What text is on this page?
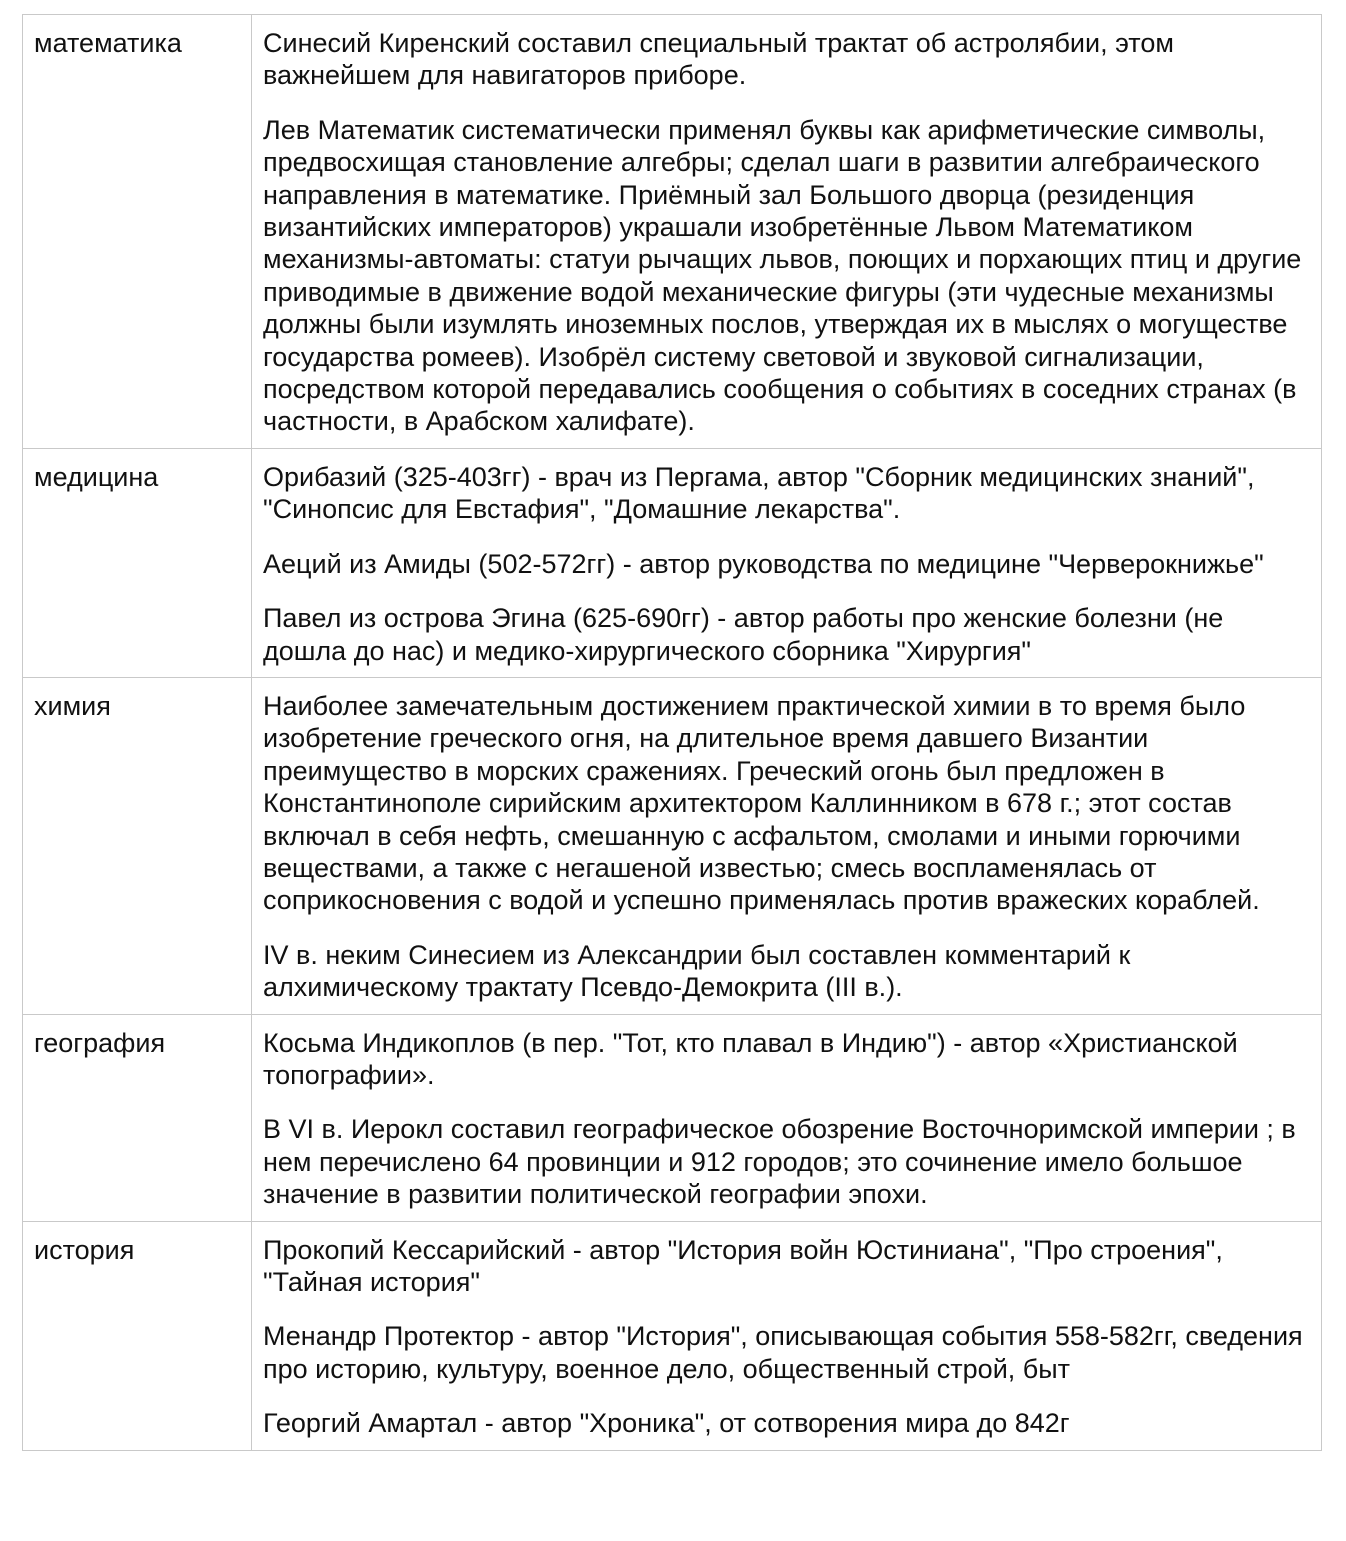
математика	Синесий Киренский составил специальный трактат об астролябии, этом важнейшем для навигаторов приборе.

Лев Математик систематически применял буквы как арифметические символы, предвосхищая становление алгебры; сделал шаги в развитии алгебраического направления в математике. Приёмный зал Большого дворца (резиденция византийских императоров) украшали изобретённые Львом Математиком механизмы-автоматы: статуи рычащих львов, поющих и порхающих птиц и другие приводимые в движение водой механические фигуры (эти чудесные механизмы должны были изумлять иноземных послов, утверждая их в мыслях о могуществе государства ромеев). Изобрёл систему световой и звуковой сигнализации, посредством которой передавались сообщения о событиях в соседних странах (в частности, в Арабском халифате).

медицина	Орибазий (325-403гг) - врач из Пергама, автор "Сборник медицинских знаний", "Синопсис для Евстафия", "Домашние лекарства".

Аеций из Амиды (502-572гг) - автор руководства по медицине "Черверокнижье"

Павел из острова Эгина (625-690гг) - автор работы про женские болезни (не дошла до нас) и медико-хирургического сборника "Хирургия"

химия	Наиболее замечательным достижением практической химии в то время было изобретение греческого огня, на длительное время давшего Византии преимущество в морских сражениях. Греческий огонь был предложен в Константинополе сирийским архитектором Каллинником в 678 г.; этот состав включал в себя нефть, смешанную с асфальтом, смолами и иными горючими веществами, а также с негашеной известью; смесь воспламенялась от соприкосновения с водой и успешно применялась против вражеских кораблей.

IV в. неким Синесием из Александрии был составлен комментарий к алхимическому трактату Псевдо-Демокрита (III в.).

география	Косьма Индикоплов (в пер. "Тот, кто плавал в Индию") - автор «Христианской топографии».

В VI в. Иерокл составил географическое обозрение Восточноримской империи ; в нем перечислено 64 провинции и 912 городов; это сочинение имело большое значение в развитии политической географии эпохи.

история	Прокопий Кессарийский - автор "История войн Юстиниана", "Про строения", "Тайная история"

Менандр Протектор - автор "История", описывающая события 558-582гг, сведения про историю, культуру, военное дело, общественный строй, быт

Георгий Амартал - автор "Хроника", от сотворения мира до 842г
